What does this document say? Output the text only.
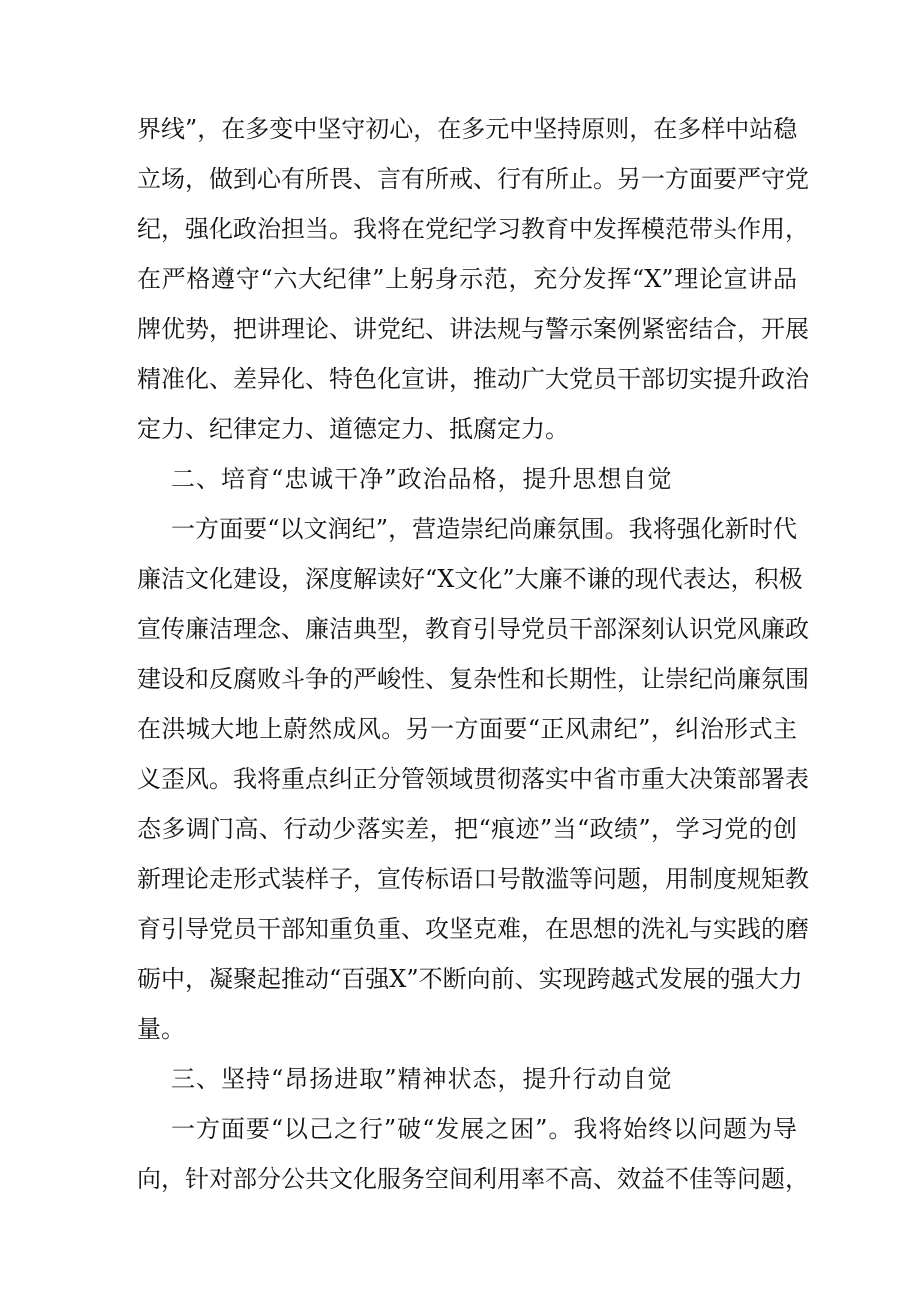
界线”，在多变中坚守初心，在多元中坚持原则，在多样中站稳
立场，做到心有所畏、言有所戒、行有所止。另一方面要严守党
纪，强化政治担当。我将在党纪学习教育中发挥模范带头作用，
在严格遵守“六大纪律”上躬身示范，充分发挥“X”理论宣讲品
牌优势，把讲理论、讲党纪、讲法规与警示案例紧密结合，开展
精准化、差异化、特色化宣讲，推动广大党员干部切实提升政治
定力、纪律定力、道德定力、抵腐定力。
二、培育“忠诚干净”政治品格，提升思想自觉
一方面要“以文润纪”，营造崇纪尚廉氛围。我将强化新时代
廉洁文化建设，深度解读好“X文化”大廉不谦的现代表达，积极
宣传廉洁理念、廉洁典型，教育引导党员干部深刻认识党风廉政
建设和反腐败斗争的严峻性、复杂性和长期性，让崇纪尚廉氛围
在洪城大地上蔚然成风。另一方面要“正风肃纪”，纠治形式主
义歪风。我将重点纠正分管领域贯彻落实中省市重大决策部署表
态多调门高、行动少落实差，把“痕迹”当“政绩”，学习党的创
新理论走形式装样子，宣传标语口号散滥等问题，用制度规矩教
育引导党员干部知重负重、攻坚克难，在思想的洗礼与实践的磨
砺中，凝聚起推动“百强X”不断向前、实现跨越式发展的强大力
量。
三、坚持“昂扬进取”精神状态，提升行动自觉
一方面要“以己之行”破“发展之困”。我将始终以问题为导
向，针对部分公共文化服务空间利用率不高、效益不佳等问题，
